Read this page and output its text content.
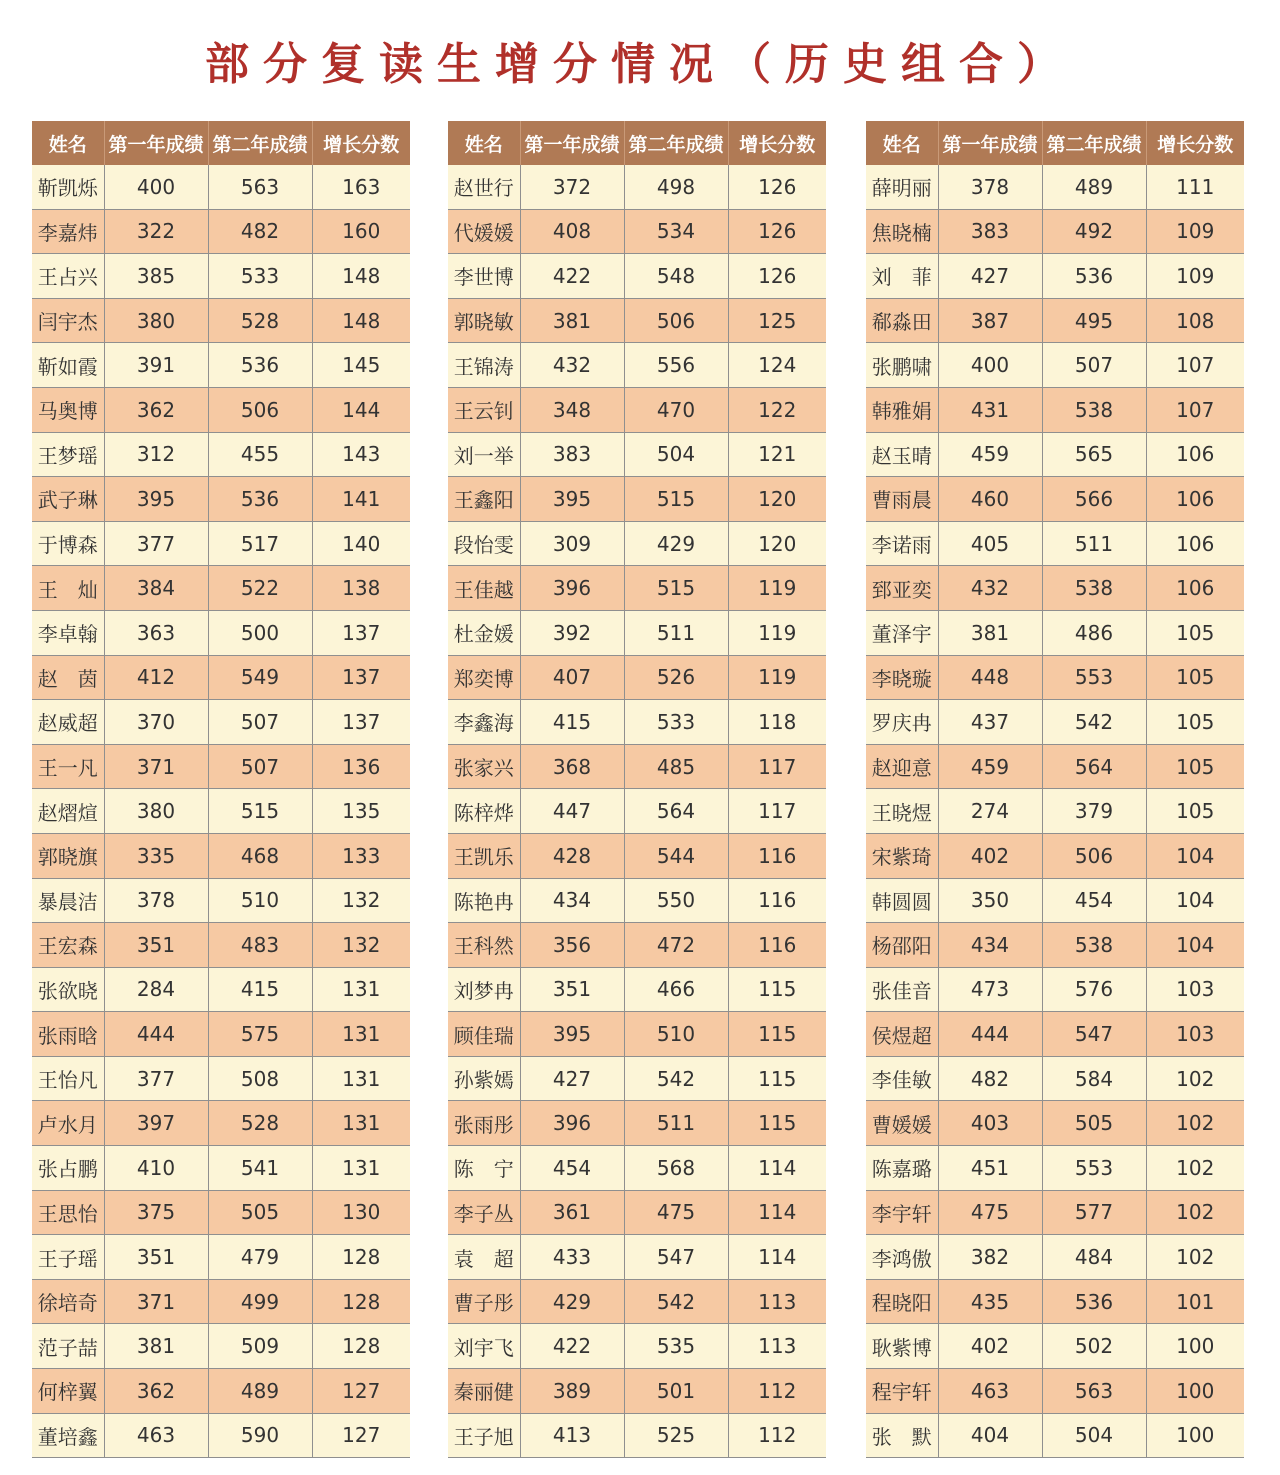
部分复读生增分情况（历史组合）
姓名	第一年成绩	第二年成绩	增长分数
靳凯烁	400	563	163
李嘉炜	322	482	160
王占兴	385	533	148
闫宇杰	380	528	148
靳如霞	391	536	145
马奥博	362	506	144
王梦瑶	312	455	143
武子琳	395	536	141
于博森	377	517	140
王　灿	384	522	138
李卓翰	363	500	137
赵　茵	412	549	137
赵威超	370	507	137
王一凡	371	507	136
赵熠煊	380	515	135
郭晓旗	335	468	133
暴晨洁	378	510	132
王宏森	351	483	132
张欲晓	284	415	131
张雨晗	444	575	131
王怡凡	377	508	131
卢水月	397	528	131
张占鹏	410	541	131
王思怡	375	505	130
王子瑶	351	479	128
徐培奇	371	499	128
范子喆	381	509	128
何梓翼	362	489	127
董培鑫	463	590	127
姓名	第一年成绩	第二年成绩	增长分数
赵世行	372	498	126
代媛媛	408	534	126
李世博	422	548	126
郭晓敏	381	506	125
王锦涛	432	556	124
王云钊	348	470	122
刘一举	383	504	121
王鑫阳	395	515	120
段怡雯	309	429	120
王佳越	396	515	119
杜金媛	392	511	119
郑奕博	407	526	119
李鑫海	415	533	118
张家兴	368	485	117
陈梓烨	447	564	117
王凯乐	428	544	116
陈艳冉	434	550	116
王科然	356	472	116
刘梦冉	351	466	115
顾佳瑞	395	510	115
孙紫嫣	427	542	115
张雨彤	396	511	115
陈　宁	454	568	114
李子丛	361	475	114
袁　超	433	547	114
曹子彤	429	542	113
刘宇飞	422	535	113
秦丽健	389	501	112
王子旭	413	525	112
姓名	第一年成绩	第二年成绩	增长分数
薛明丽	378	489	111
焦晓楠	383	492	109
刘　菲	427	536	109
郗淼田	387	495	108
张鹏啸	400	507	107
韩雅娟	431	538	107
赵玉晴	459	565	106
曹雨晨	460	566	106
李诺雨	405	511	106
郅亚奕	432	538	106
董泽宇	381	486	105
李晓璇	448	553	105
罗庆冉	437	542	105
赵迎意	459	564	105
王晓煜	274	379	105
宋紫琦	402	506	104
韩圆圆	350	454	104
杨邵阳	434	538	104
张佳音	473	576	103
侯煜超	444	547	103
李佳敏	482	584	102
曹媛媛	403	505	102
陈嘉璐	451	553	102
李宇轩	475	577	102
李鸿傲	382	484	102
程晓阳	435	536	101
耿紫博	402	502	100
程宇轩	463	563	100
张　默	404	504	100
